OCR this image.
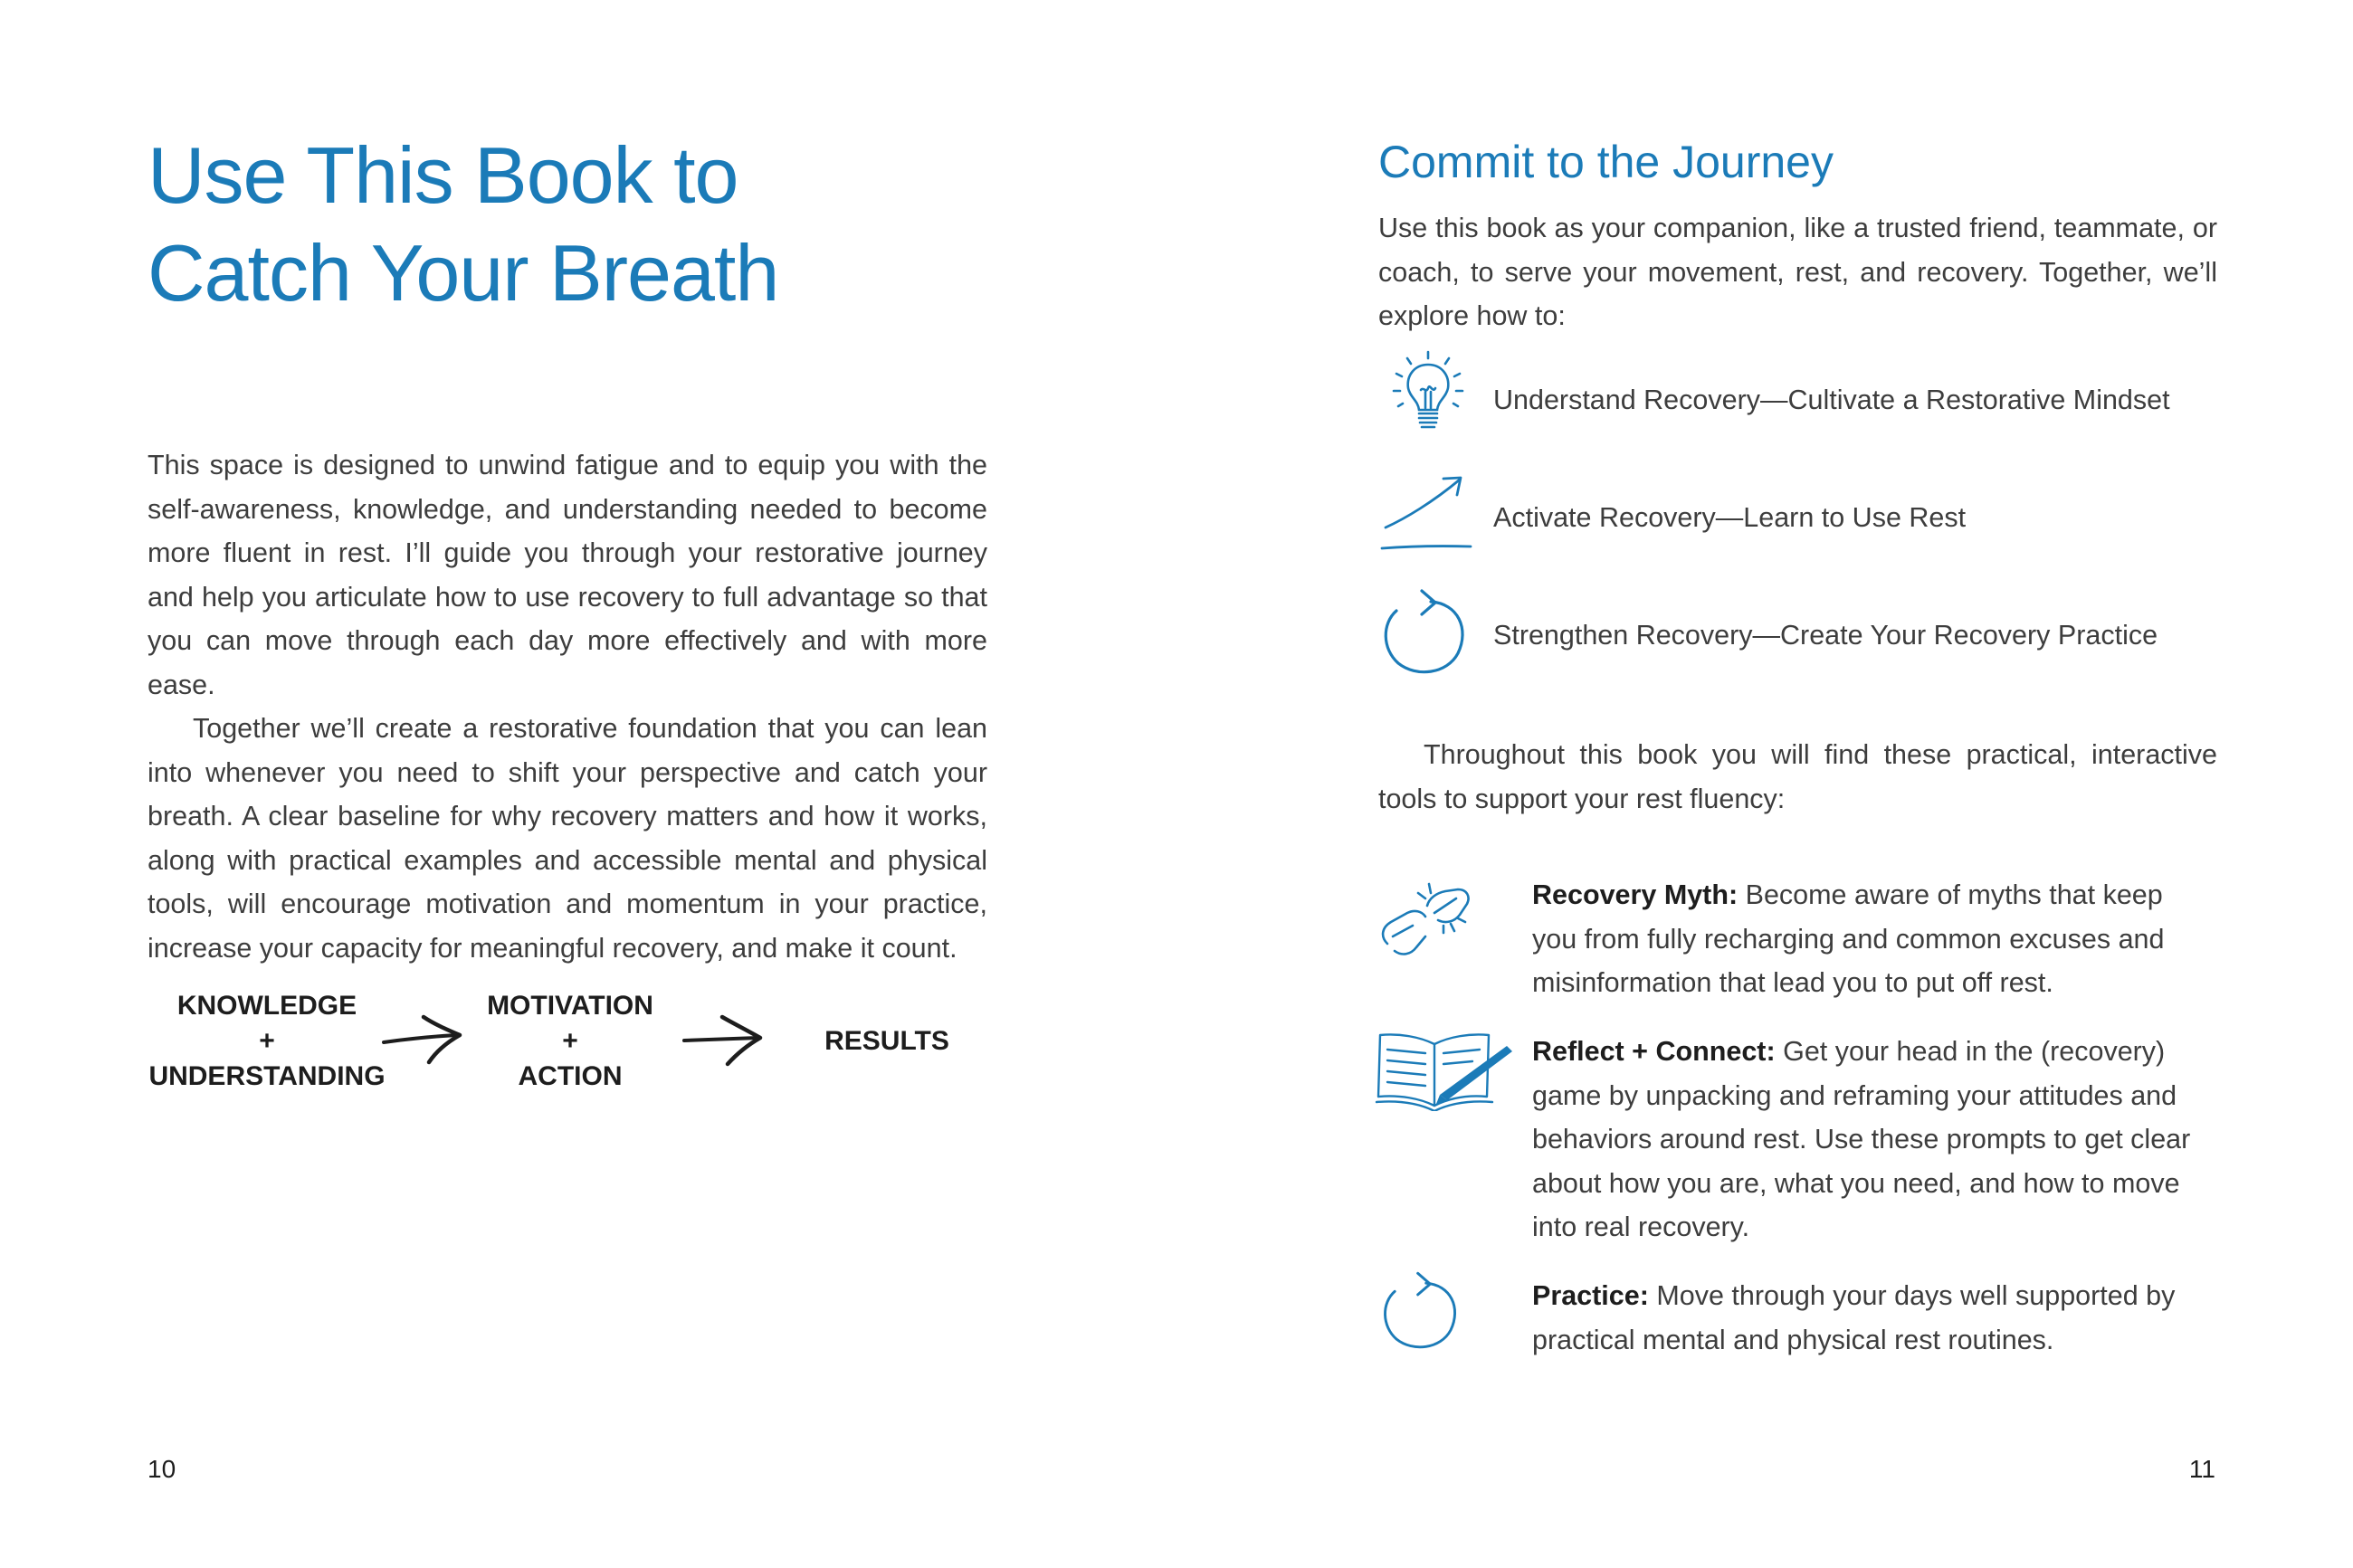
Use This Book to
Catch Your Breath

This space is designed to unwind fatigue and to equip you with the self-awareness, knowledge, and understanding needed to become more fluent in rest. I’ll guide you through your restorative journey and help you articulate how to use recovery to full advantage so that you can move through each day more effectively and with more ease.

Together we’ll create a restorative foundation that you can lean into whenever you need to shift your perspective and catch your breath. A clear baseline for why recovery matters and how it works, along with practical examples and accessible mental and physical tools, will encourage motivation and momentum in your practice, increase your capacity for meaningful recovery, and make it count.

KNOWLEDGE
+
UNDERSTANDING
MOTIVATION
+
ACTION
RESULTS
10
Commit to the Journey

Use this book as your companion, like a trusted friend, teammate, or coach, to serve your movement, rest, and recovery. Together, we’ll explore how to:

Understand Recovery—Cultivate a Restorative Mindset
Activate Recovery—Learn to Use Rest
Strengthen Recovery—Create Your Recovery Practice

Throughout this book you will find these practical, interactive tools to support your rest fluency:

Recovery Myth: Become aware of myths that keep you from fully recharging and common excuses and misinformation that lead you to put off rest.

Reflect + Connect: Get your head in the (recovery) game by unpacking and reframing your attitudes and behaviors around rest. Use these prompts to get clear about how you are, what you need, and how to move into real recovery.

Practice: Move through your days well supported by practical mental and physical rest routines.

11
